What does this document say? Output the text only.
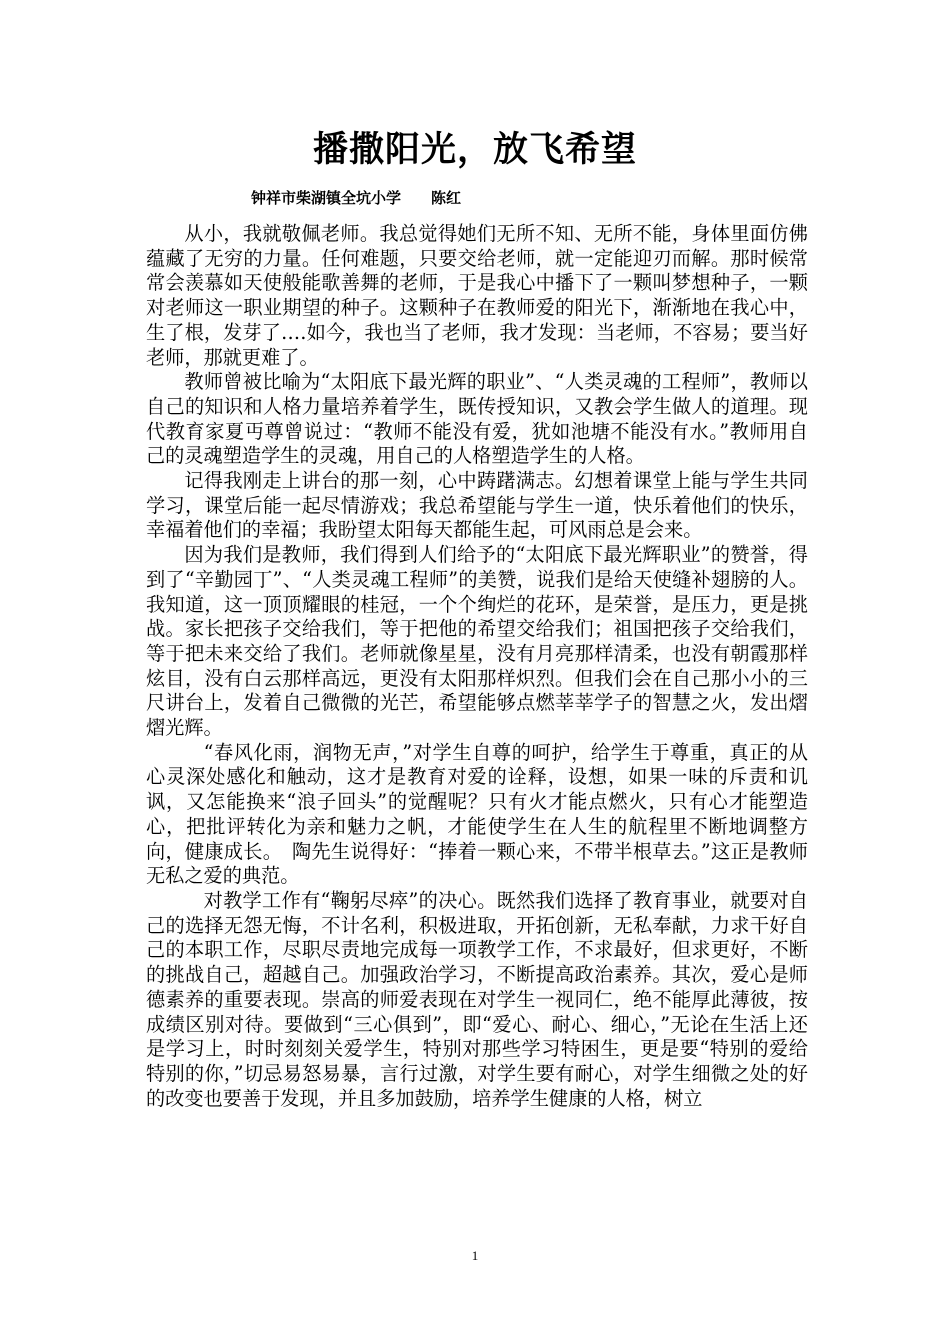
播撒阳光，放飞希望
钟祥市柴湖镇全坑小学　　陈红

从小，我就敬佩老师。我总觉得她们无所不知、无所不能，身体里面仿佛蕴藏了无穷的力量。任何难题，只要交给老师，就一定能迎刃而解。那时候常常会羡慕如天使般能歌善舞的老师，于是我心中播下了一颗叫梦想种子，一颗对老师这一职业期望的种子。这颗种子在教师爱的阳光下，渐渐地在我心中，生了根，发芽了‥‥如今，我也当了老师，我才发现：当老师，不容易；要当好老师，那就更难了。

教师曾被比喻为“太阳底下最光辉的职业”、“人类灵魂的工程师”，教师以自己的知识和人格力量培养着学生，既传授知识，又教会学生做人的道理。现代教育家夏丏尊曾说过：“教师不能没有爱，犹如池塘不能没有水。”教师用自己的灵魂塑造学生的灵魂，用自己的人格塑造学生的人格。

记得我刚走上讲台的那一刻，心中踌躇满志。幻想着课堂上能与学生共同学习，课堂后能一起尽情游戏；我总希望能与学生一道，快乐着他们的快乐，幸福着他们的幸福；我盼望太阳每天都能生起，可风雨总是会来。

因为我们是教师，我们得到人们给予的“太阳底下最光辉职业”的赞誉，得到了“辛勤园丁”、“人类灵魂工程师”的美赞，说我们是给天使缝补翅膀的人。我知道，这一顶顶耀眼的桂冠，一个个绚烂的花环，是荣誉，是压力，更是挑战。家长把孩子交给我们，等于把他的希望交给我们；祖国把孩子交给我们，等于把未来交给了我们。老师就像星星，没有月亮那样清柔，也没有朝霞那样炫目，没有白云那样高远，更没有太阳那样炽烈。但我们会在自己那小小的三尺讲台上，发着自己微微的光芒，希望能够点燃莘莘学子的智慧之火，发出熠熠光辉。

“春风化雨，润物无声，”对学生自尊的呵护，给学生于尊重，真正的从心灵深处感化和触动，这才是教育对爱的诠释，设想，如果一味的斥责和讥讽，又怎能换来“浪子回头”的觉醒呢？只有火才能点燃火，只有心才能塑造心，把批评转化为亲和魅力之帆，才能使学生在人生的航程里不断地调整方向，健康成长。　陶先生说得好：“捧着一颗心来，不带半根草去。”这正是教师无私之爱的典范。

对教学工作有“鞠躬尽瘁”的决心。既然我们选择了教育事业，就要对自己的选择无怨无悔，不计名利，积极进取，开拓创新，无私奉献，力求干好自己的本职工作，尽职尽责地完成每一项教学工作，不求最好，但求更好，不断的挑战自己，超越自己。加强政治学习，不断提高政治素养。其次，爱心是师德素养的重要表现。崇高的师爱表现在对学生一视同仁，绝不能厚此薄彼，按成绩区别对待。要做到“三心俱到”，即“爱心、耐心、细心，”无论在生活上还是学习上，时时刻刻关爱学生，特别对那些学习特困生，更是要“特别的爱给特别的你，”切忌易怒易暴，言行过激，对学生要有耐心，对学生细微之处的好的改变也要善于发现，并且多加鼓励，培养学生健康的人格，树立

1
